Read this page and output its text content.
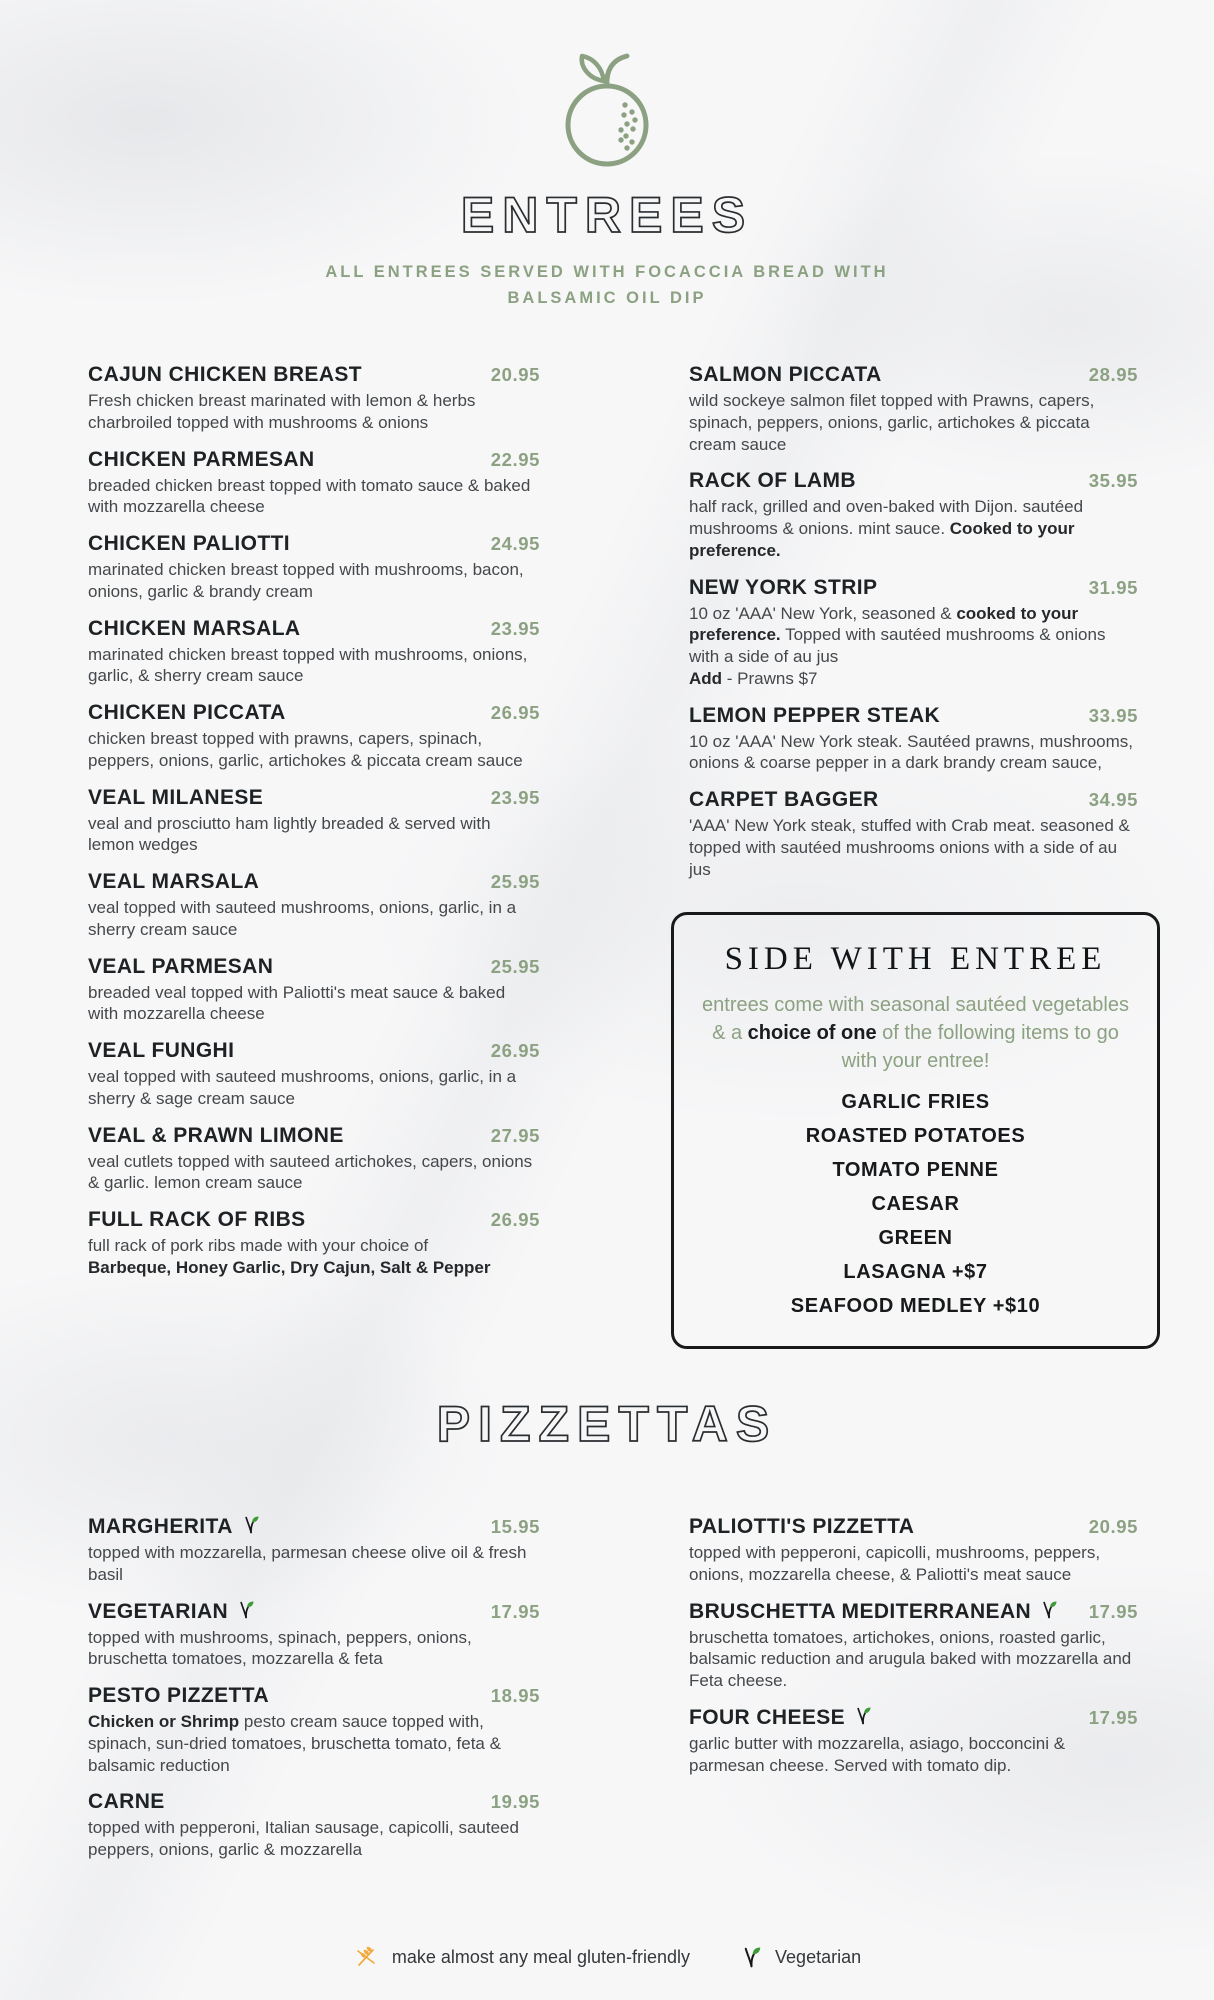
ENTREES

ALL ENTREES SERVED WITH FOCACCIA BREAD WITH BALSAMIC OIL DIP

CAJUN CHICKEN BREAST	20.95

Fresh chicken breast marinated with lemon & herbs charbroiled topped with mushrooms & onions

CHICKEN PARMESAN	22.95

breaded chicken breast topped with tomato sauce & baked with mozzarella cheese

CHICKEN PALIOTTI	24.95

marinated chicken breast topped with mushrooms, bacon, onions, garlic & brandy cream

CHICKEN MARSALA	23.95

marinated chicken breast topped with mushrooms, onions, garlic, & sherry cream sauce

CHICKEN PICCATA	26.95

chicken breast topped with prawns, capers, spinach, peppers, onions, garlic, artichokes & piccata cream sauce

VEAL MILANESE	23.95

veal and prosciutto ham lightly breaded & served with lemon wedges

VEAL MARSALA	25.95

veal topped with sauteed mushrooms, onions, garlic, in a sherry cream sauce

VEAL PARMESAN	25.95

breaded veal topped with Paliotti's meat sauce & baked with mozzarella cheese

VEAL FUNGHI	26.95

veal topped with sauteed mushrooms, onions, garlic, in a sherry & sage cream sauce

VEAL & PRAWN LIMONE	27.95

veal cutlets topped with sauteed artichokes, capers, onions & garlic. lemon cream sauce

FULL RACK OF RIBS	26.95

full rack of pork ribs made with your choice of
Barbeque, Honey Garlic, Dry Cajun, Salt & Pepper

SALMON PICCATA	28.95

wild sockeye salmon filet topped with Prawns, capers, spinach, peppers, onions, garlic, artichokes & piccata cream sauce

RACK OF LAMB	35.95

half rack, grilled and oven-baked with Dijon. sautéed mushrooms & onions. mint sauce. Cooked to your preference.

NEW YORK STRIP	31.95

10 oz 'AAA' New York, seasoned & cooked to your preference. Topped with sautéed mushrooms & onions with a side of au jus
Add - Prawns $7

LEMON PEPPER STEAK	33.95

10 oz 'AAA' New York steak. Sautéed prawns, mushrooms, onions & coarse pepper in a dark brandy cream sauce,

CARPET BAGGER	34.95

'AAA' New York steak, stuffed with Crab meat. seasoned & topped with sautéed mushrooms onions with a side of au jus

SIDE WITH ENTREE

entrees come with seasonal sautéed vegetables & a choice of one of the following items to go with your entree!

GARLIC FRIES
ROASTED POTATOES
TOMATO PENNE
CAESAR
GREEN
LASAGNA +$7
SEAFOOD MEDLEY +$10
PIZZETTAS
MARGHERITA	15.95

topped with mozzarella, parmesan cheese olive oil & fresh basil

VEGETARIAN	17.95

topped with mushrooms, spinach, peppers, onions, bruschetta tomatoes, mozzarella & feta

PESTO PIZZETTA	18.95

Chicken or Shrimp pesto cream sauce topped with, spinach, sun-dried tomatoes, bruschetta tomato, feta & balsamic reduction

CARNE	19.95

topped with pepperoni, Italian sausage, capicolli, sauteed peppers, onions, garlic & mozzarella

PALIOTTI'S PIZZETTA	20.95

topped with pepperoni, capicolli, mushrooms, peppers, onions, mozzarella cheese, & Paliotti's meat sauce

BRUSCHETTA MEDITERRANEAN	17.95

bruschetta tomatoes, artichokes, onions, roasted garlic, balsamic reduction and arugula baked with mozzarella and Feta cheese.

FOUR CHEESE	17.95

garlic butter with mozzarella, asiago, bocconcini & parmesan cheese. Served with tomato dip.

make almost any meal gluten-friendly	Vegetarian
